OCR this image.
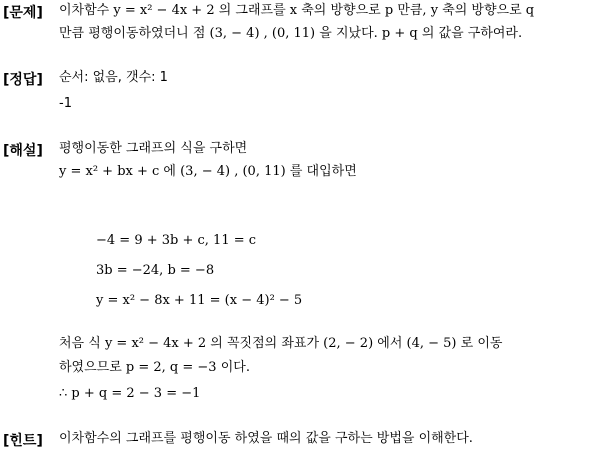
[문제] 이차함수 y = x² − 4x + 2 의 그래프를 x 축의 방향으로 p 만큼, y 축의 방향으로 q
만큼 평행이동하였더니 점 (3, − 4) , (0, 11) 을 지났다. p + q 의 값을 구하여라.
[정답] 순서: 없음, 갯수: 1
-1
[해설] 평행이동한 그래프의 식을 구하면
y = x² + bx + c 에 (3, − 4) , (0, 11) 를 대입하면
−4 = 9 + 3b + c, 11 = c
3b = −24, b = −8
y = x² − 8x + 11 = (x − 4)² − 5
처음 식 y = x² − 4x + 2 의 꼭짓점의 좌표가 (2, − 2) 에서 (4, − 5) 로 이동
하였으므로 p = 2, q = −3 이다.
∴ p + q = 2 − 3 = −1
[힌트] 이차함수의 그래프를 평행이동 하였을 때의 값을 구하는 방법을 이해한다.
